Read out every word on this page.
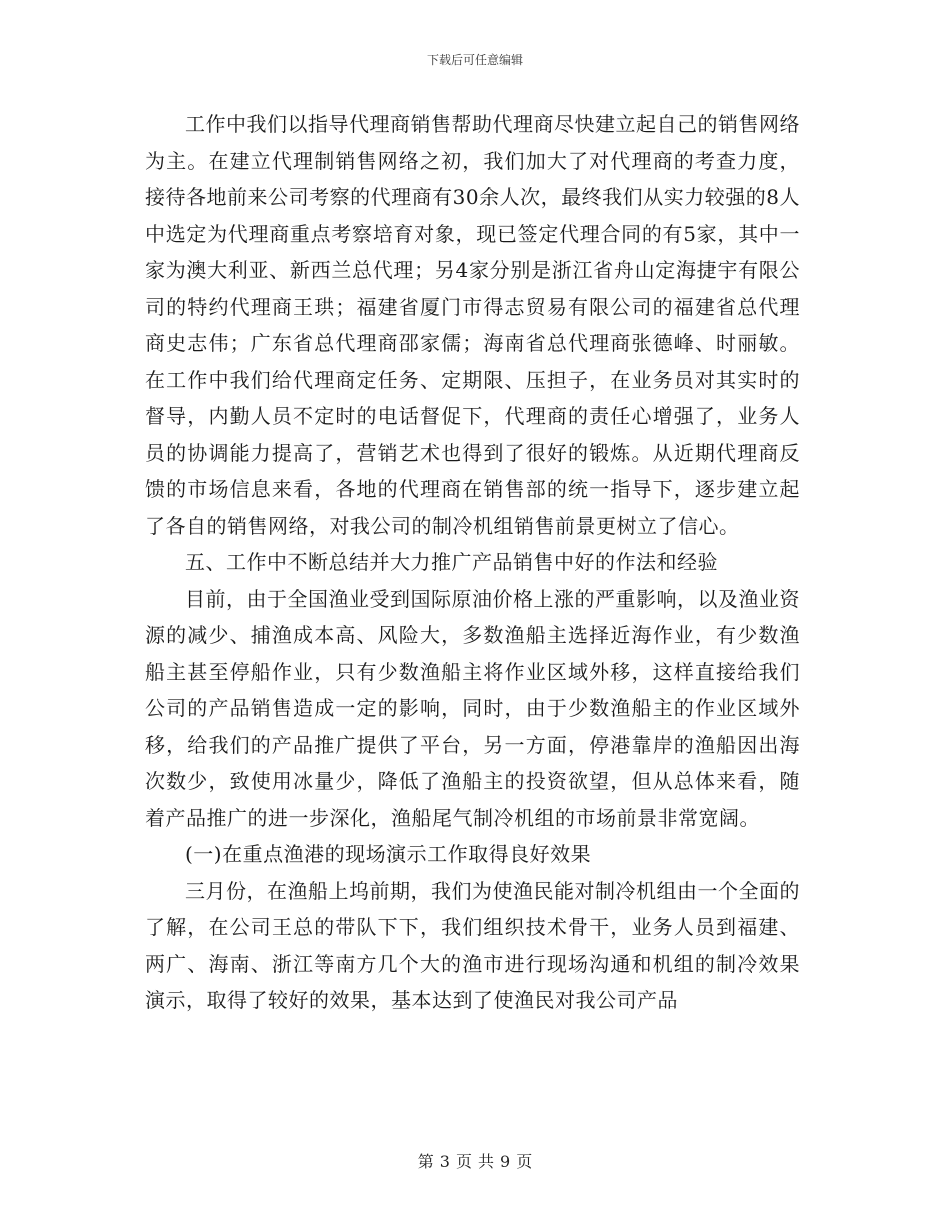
下载后可任意编辑

工作中我们以指导代理商销售帮助代理商尽快建立起自己的销售网络为主。在建立代理制销售网络之初，我们加大了对代理商的考查力度，接待各地前来公司考察的代理商有30余人次，最终我们从实力较强的8人中选定为代理商重点考察培育对象，现已签定代理合同的有5家，其中一家为澳大利亚、新西兰总代理；另4家分别是浙江省舟山定海捷宇有限公司的特约代理商王珙；福建省厦门市得志贸易有限公司的福建省总代理商史志伟；广东省总代理商邵家儒；海南省总代理商张德峰、时丽敏。在工作中我们给代理商定任务、定期限、压担子，在业务员对其实时的督导，内勤人员不定时的电话督促下，代理商的责任心增强了，业务人员的协调能力提高了，营销艺术也得到了很好的锻炼。从近期代理商反馈的市场信息来看，各地的代理商在销售部的统一指导下，逐步建立起了各自的销售网络，对我公司的制冷机组销售前景更树立了信心。

五、工作中不断总结并大力推广产品销售中好的作法和经验

目前，由于全国渔业受到国际原油价格上涨的严重影响，以及渔业资源的减少、捕渔成本高、风险大，多数渔船主选择近海作业，有少数渔船主甚至停船作业，只有少数渔船主将作业区域外移，这样直接给我们公司的产品销售造成一定的影响，同时，由于少数渔船主的作业区域外移，给我们的产品推广提供了平台，另一方面，停港靠岸的渔船因出海次数少，致使用冰量少，降低了渔船主的投资欲望，但从总体来看，随着产品推广的进一步深化，渔船尾气制冷机组的市场前景非常宽阔。

(一)在重点渔港的现场演示工作取得良好效果

三月份，在渔船上坞前期，我们为使渔民能对制冷机组由一个全面的了解，在公司王总的带队下下，我们组织技术骨干，业务人员到福建、两广、海南、浙江等南方几个大的渔市进行现场沟通和机组的制冷效果演示，取得了较好的效果，基本达到了使渔民对我公司产品

第 3 页 共 9 页
